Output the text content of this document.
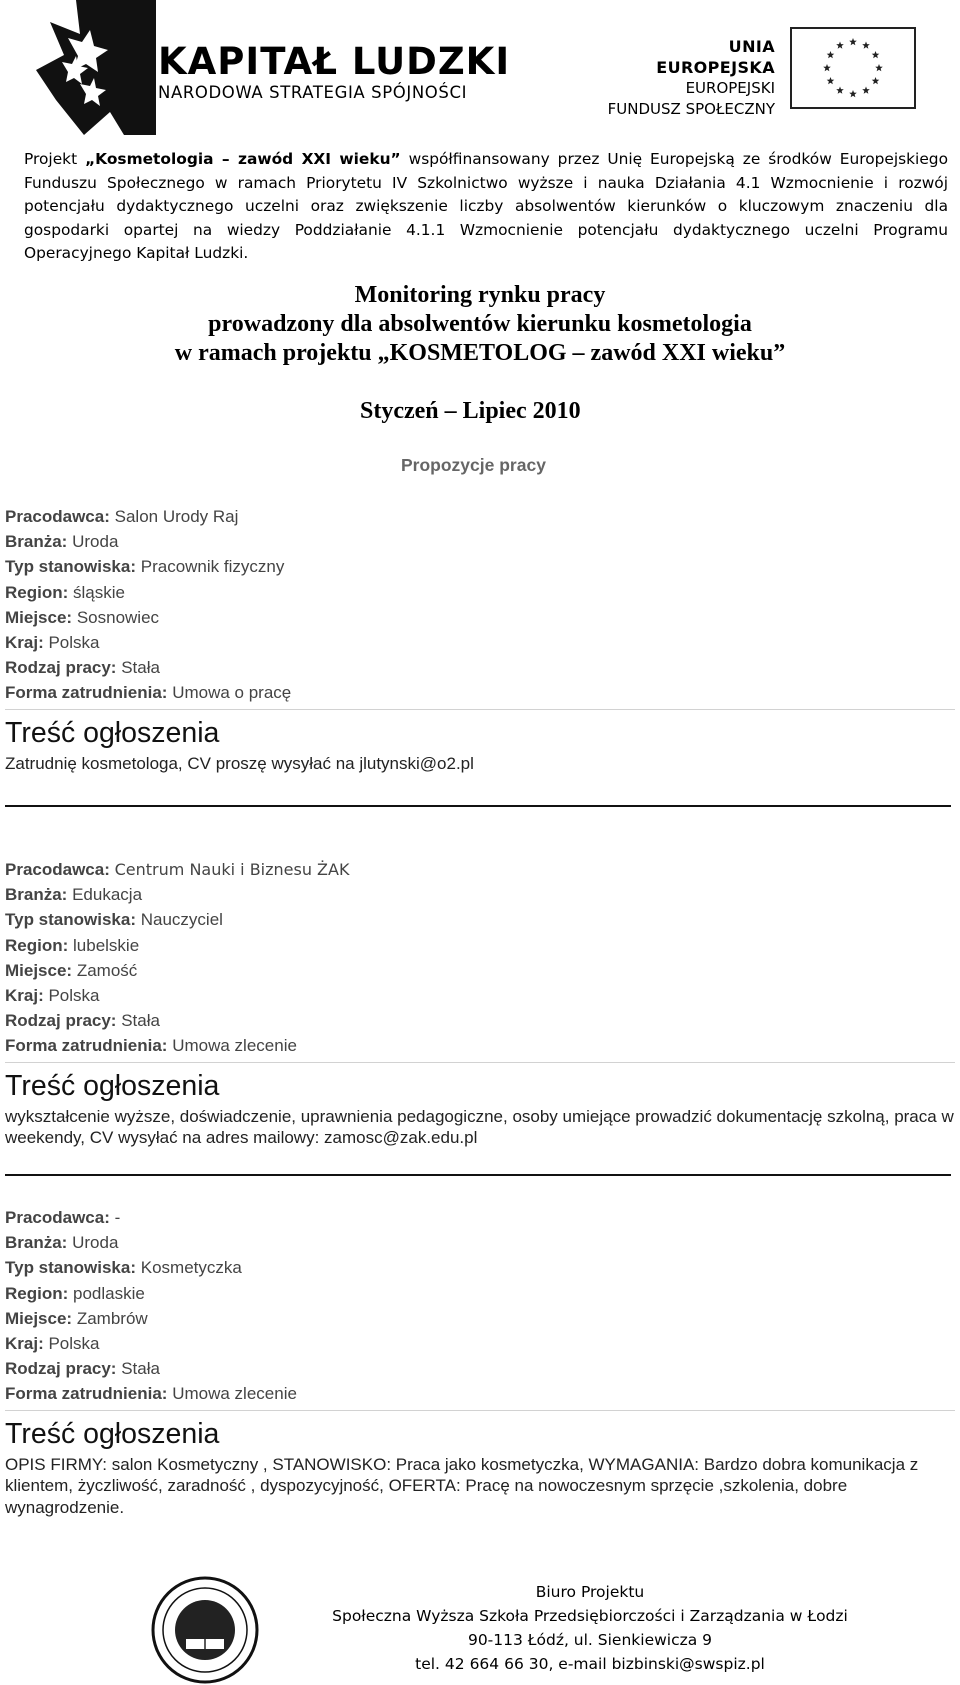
KAPITAŁ LUDZKI
NARODOWA STRATEGIA SPÓJNOŚCI
UNIA EUROPEJSKA
EUROPEJSKI
FUNDUSZ SPOŁECZNY
Projekt „Kosmetologia – zawód XXI wieku” współfinansowany przez Unię Europejską ze środków Europejskiego Funduszu Społecznego w ramach Priorytetu IV Szkolnictwo wyższe i nauka Działania 4.1 Wzmocnienie i rozwój potencjału dydaktycznego uczelni oraz zwiększenie liczby absolwentów kierunków o kluczowym znaczeniu dla gospodarki opartej na wiedzy Poddziałanie 4.1.1 Wzmocnienie potencjału dydaktycznego uczelni Programu Operacyjnego Kapitał Ludzki.
Monitoring rynku pracy
prowadzony dla absolwentów kierunku kosmetologia
w ramach projektu „KOSMETOLOG – zawód XXI wieku”
Styczeń – Lipiec 2010
Propozycje pracy
Pracodawca: Salon Urody Raj
Branża: Uroda
Typ stanowiska: Pracownik fizyczny
Region: śląskie
Miejsce: Sosnowiec
Kraj: Polska
Rodzaj pracy: Stała
Forma zatrudnienia: Umowa o pracę
Treść ogłoszenia
Zatrudnię kosmetologa, CV proszę wysyłać na jlutynski@o2.pl
Pracodawca: Centrum Nauki i Biznesu ŻAK
Branża: Edukacja
Typ stanowiska: Nauczyciel
Region: lubelskie
Miejsce: Zamość
Kraj: Polska
Rodzaj pracy: Stała
Forma zatrudnienia: Umowa zlecenie
Treść ogłoszenia
wykształcenie wyższe, doświadczenie, uprawnienia pedagogiczne, osoby umiejące prowadzić dokumentację szkolną, praca w weekendy, CV wysyłać na adres mailowy: zamosc@zak.edu.pl
Pracodawca: -
Branża: Uroda
Typ stanowiska: Kosmetyczka
Region: podlaskie
Miejsce: Zambrów
Kraj: Polska
Rodzaj pracy: Stała
Forma zatrudnienia: Umowa zlecenie
Treść ogłoszenia
OPIS FIRMY: salon Kosmetyczny , STANOWISKO: Praca jako kosmetyczka, WYMAGANIA: Bardzo dobra komunikacja z klientem, życzliwość, zaradność , dyspozycyjność, OFERTA: Pracę na nowoczesnym sprzęcie ,szkolenia, dobre wynagrodzenie.
Biuro Projektu
Społeczna Wyższa Szkoła Przedsiębiorczości i Zarządzania w Łodzi
90-113 Łódź, ul. Sienkiewicza 9
tel. 42 664 66 30, e-mail bizbinski@swspiz.pl
